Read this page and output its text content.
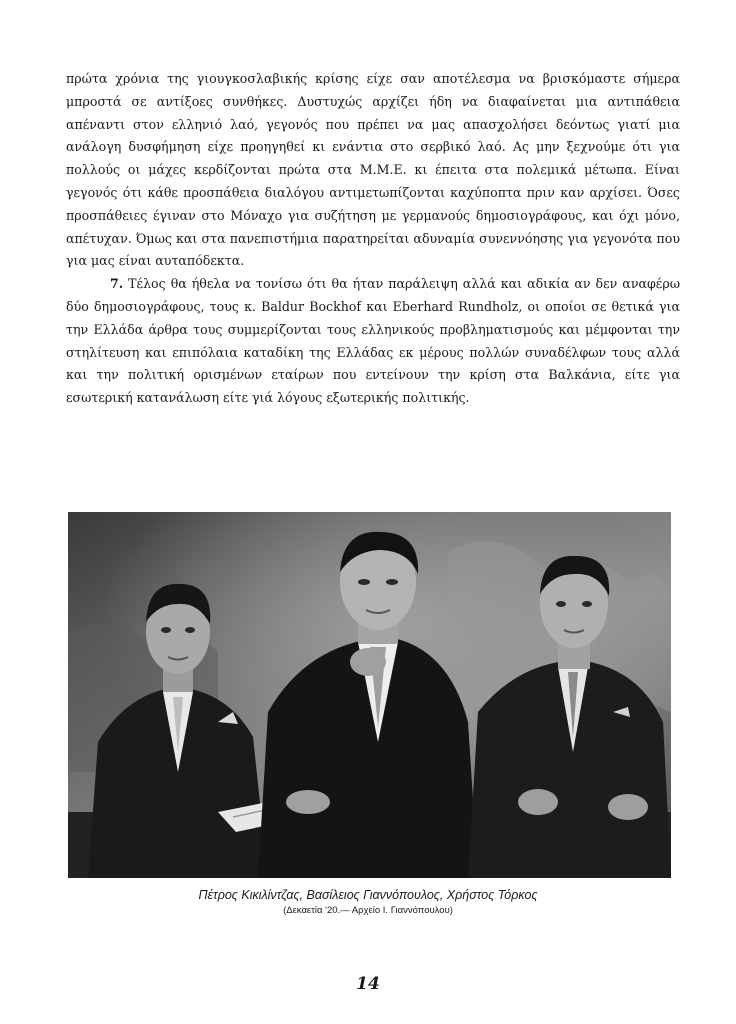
πρώτα χρόνια της γιουγκοσλαβικής κρίσης είχε σαν αποτέλεσμα να βρισκόμαστε σήμερα μπροστά σε αντίξοες συνθήκες. Δυστυχώς αρχίζει ήδη να διαφαίνεται μια αντιπάθεια απέναντι στον ελληνιό λαό, γεγονός που πρέπει να μας απασχολήσει δεόντως γιατί μια ανάλογη δυσφήμηση είχε προηγηθεί κι ενάντια στο σερβικό λαό. Ας μην ξεχνούμε ότι για πολλούς οι μάχες κερδίζονται πρώτα στα Μ.Μ.Ε. κι έπειτα στα πολεμικά μέτωπα. Είναι γεγονός ότι κάθε προσπάθεια διαλόγου αντιμετωπίζονται καχύποπτα πριν καν αρχίσει. Όσες προσπάθειες έγιναν στο Μόναχο για συζήτηση με γερμανούς δημοσιογράφους, και όχι μόνο, απέτυχαν. Όμως και στα πανεπιστήμια παρατηρείται αδυναμία συνεννόησης για γεγονότα που για μας είναι αυταπόδεκτα.

7. Τέλος θα ήθελα να τονίσω ότι θα ήταν παράλειψη αλλά και αδικία αν δεν αναφέρω δύο δημοσιογράφους, τους κ. Baldur Bockhof και Eberhard Rundholz, οι οποίοι σε θετικά για την Ελλάδα άρθρα τους συμμερίζονται τους ελληνικούς προβληματισμούς και μέμφονται την στηλίτευση και επιπόλαια καταδίκη της Ελλάδας εκ μέρους πολλών συναδέλφων τους αλλά και την πολιτική ορισμένων εταίρων που εντείνουν την κρίση στα Βαλκάνια, είτε για εσωτερική κατανάλωση είτε γιά λόγους εξωτερικής πολιτικής.

Πέτρος Κικιλίντζας, Βασίλειος Γιαννόπουλος, Χρήστος Τόρκος
(Δεκαετία '20.— Αρχείο Ι. Γιαννόπουλου)
14
